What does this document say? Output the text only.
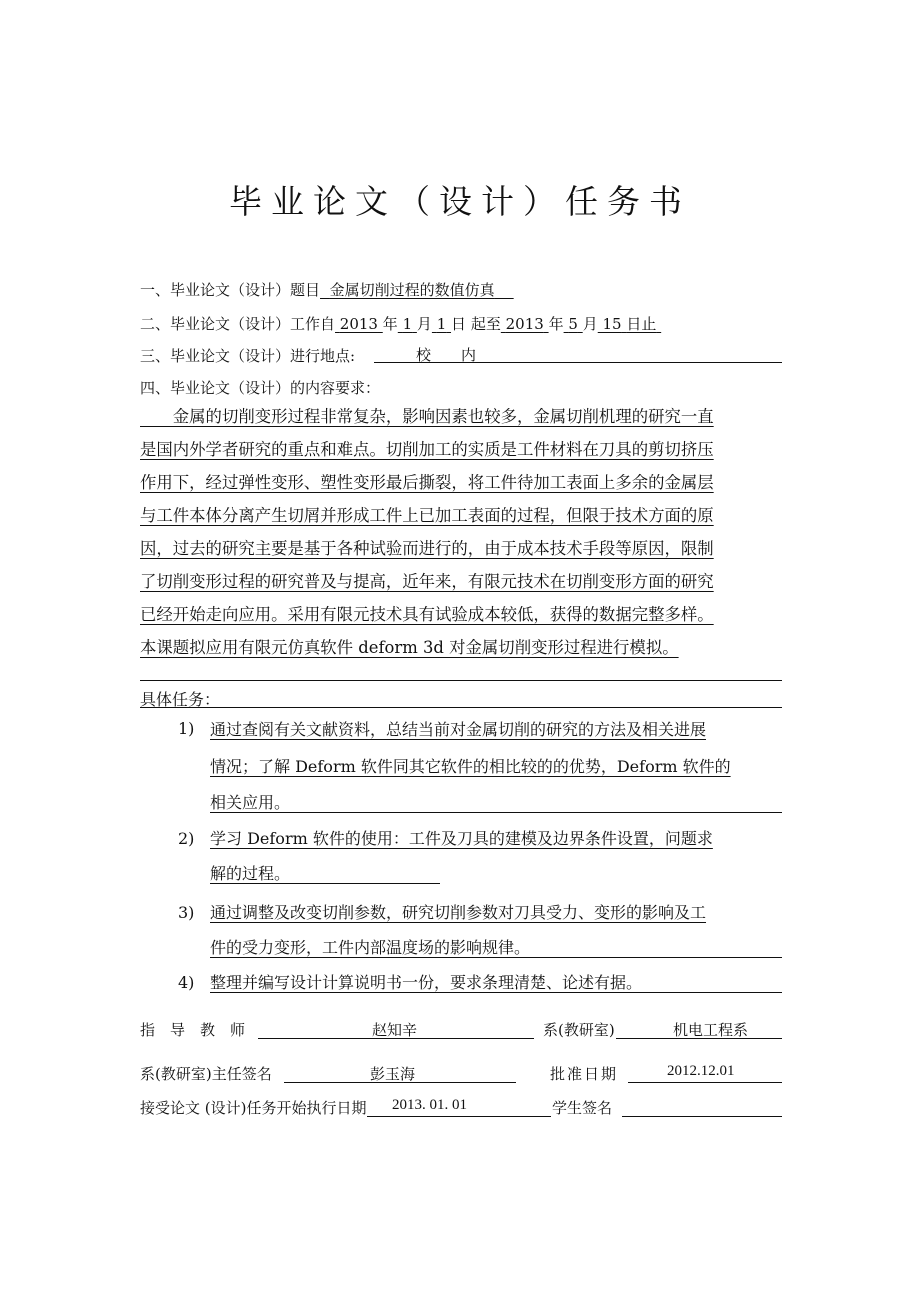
毕业论文（设计）任务书
一、毕业论文（设计）题目 金属切削过程的数值仿真
二、毕业论文（设计）工作自 2013 年 1 月 1 日 起至 2013 年 5 月 15 日止
三、毕业论文（设计）进行地点:	校　　内
四、毕业论文（设计）的内容要求：
　　金属的切削变形过程非常复杂，影响因素也较多，金属切削机理的研究一直
是国内外学者研究的重点和难点。切削加工的实质是工件材料在刀具的剪切挤压
作用下，经过弹性变形、塑性变形最后撕裂，将工件待加工表面上多余的金属层
与工件本体分离产生切屑并形成工件上已加工表面的过程，但限于技术方面的原
因，过去的研究主要是基于各种试验而进行的，由于成本技术手段等原因，限制
了切削变形过程的研究普及与提高，近年来，有限元技术在切削变形方面的研究
已经开始走向应用。采用有限元技术具有试验成本较低，获得的数据完整多样。
本课题拟应用有限元仿真软件 deform 3d 对金属切削变形过程进行模拟。
具体任务：
1) 通过查阅有关文献资料，总结当前对金属切削的研究的方法及相关进展
情况；了解 Deform 软件同其它软件的相比较的的优势，Deform 软件的
相关应用。
2) 学习 Deform 软件的使用：工件及刀具的建模及边界条件设置，问题求
解的过程。
3) 通过调整及改变切削参数，研究切削参数对刀具受力、变形的影响及工
件的受力变形，工件内部温度场的影响规律。
4) 整理并编写设计计算说明书一份，要求条理清楚、论述有据。
指　导　教　师	赵知辛	系(教研室)	机电工程系
系(教研室)主任签名	彭玉海	批准日期	2012.12.01
接受论文 (设计)任务开始执行日期 2013. 01. 01	学生签名
